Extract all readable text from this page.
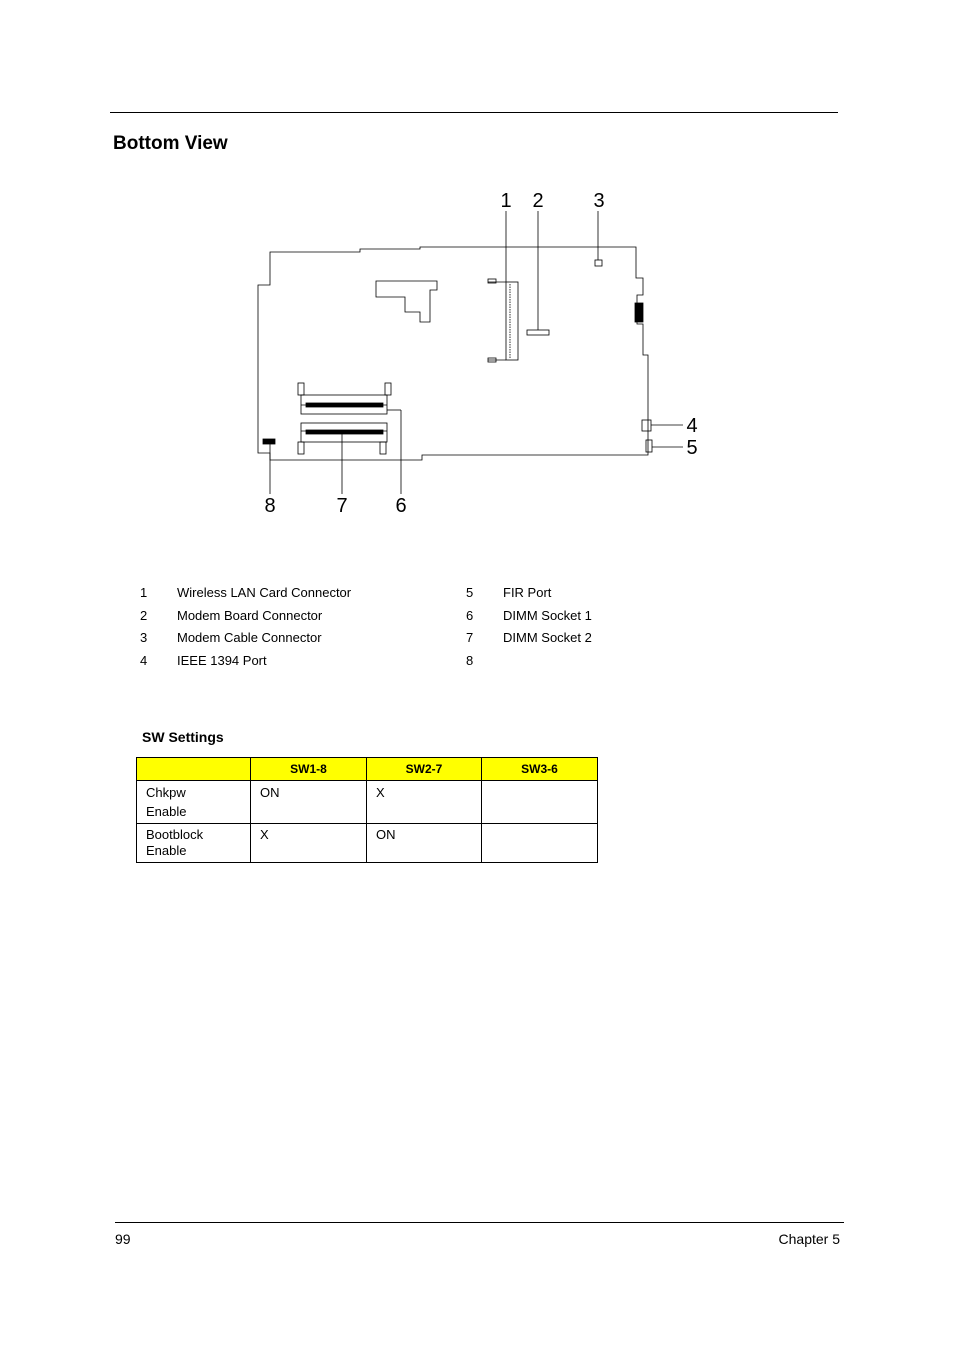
Bottom View
1 2 3
4
5
6
7
8
1 Wireless LAN Card Connector
2 Modem Board Connector
3 Modem Cable Connector
4 IEEE 1394 Port
5 FIR Port
6 DIMM Socket 1
7 DIMM Socket 2
8
SW Settings
	SW1-8	SW2-7	SW3-6

Chkpw
Enable	ON	X	

Bootblock
Enable	X	ON	
99	Chapter 5
